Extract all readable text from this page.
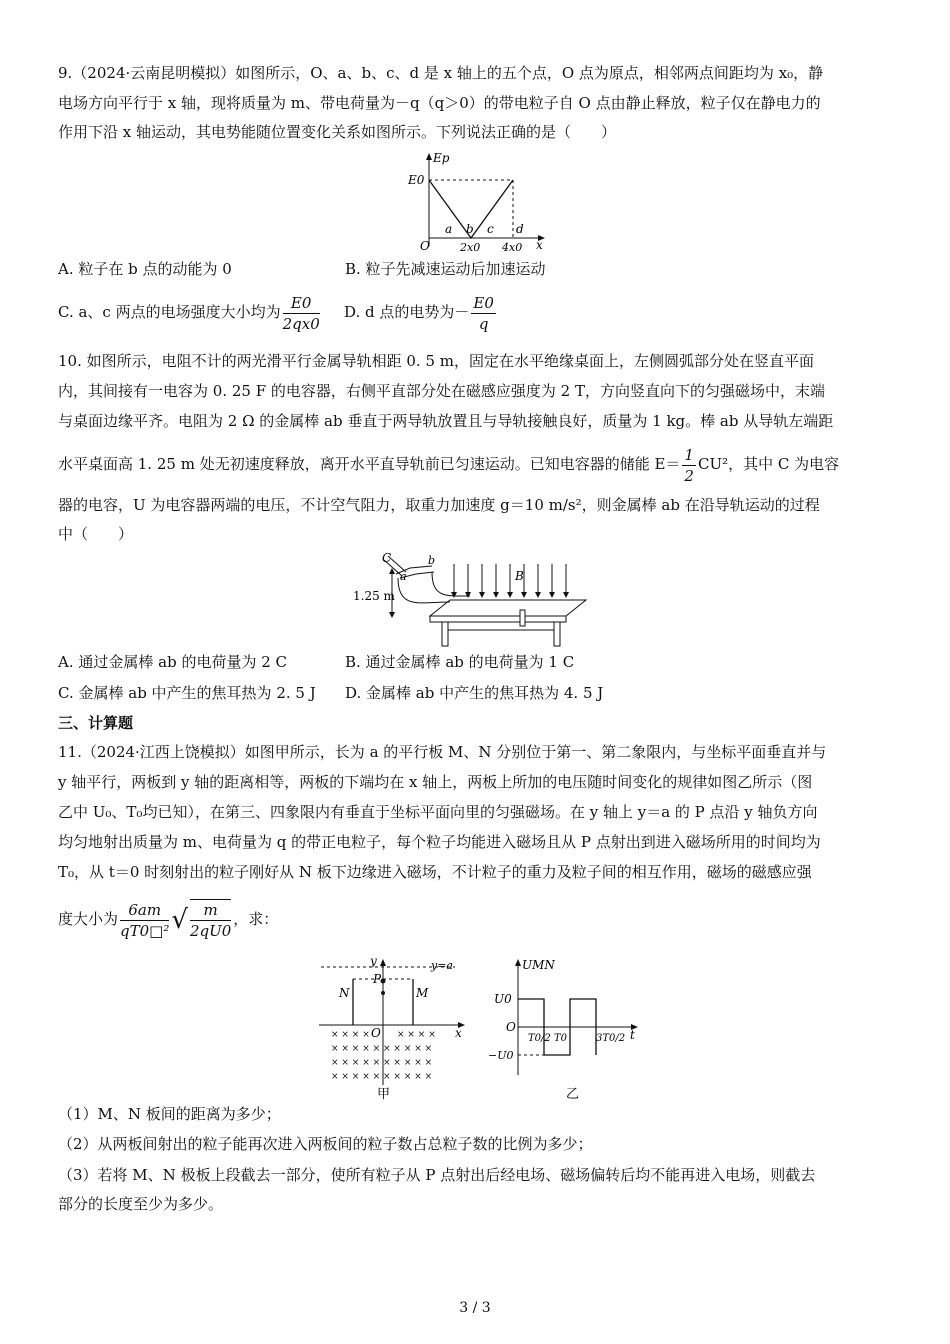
9.（2024·云南昆明模拟）如图所示，O、a、b、c、d 是 x 轴上的五个点，O 点为原点，相邻两点间距均为 x₀，静
电场方向平行于 x 轴，现将质量为 m、带电荷量为－q（q＞0）的带电粒子自 O 点由静止释放，粒子仅在静电力的
作用下沿 x 轴运动，其电势能随位置变化关系如图所示。下列说法正确的是（　　）
Ep
E0
O
a b c d
x
2x0 4x0
A. 粒子在 b 点的动能为 0	B. 粒子先减速运动后加速运动
C. a、c 两点的电场强度大小均为 $\frac{E0}{2qx0} D$. d 点的电势为－ $\frac{E0}{q}$
10. 如图所示，电阻不计的两光滑平行金属导轨相距 0. 5 m，固定在水平绝缘桌面上，左侧圆弧部分处在竖直平面
内，其间接有一电容为 0. 25 F 的电容器，右侧平直部分处在磁感应强度为 2 T，方向竖直向下的匀强磁场中，末端
与桌面边缘平齐。电阻为 2 Ω 的金属棒 ab 垂直于两导轨放置且与导轨接触良好，质量为 1 kg。棒 ab 从导轨左端距
水平桌面高 1. 25 m 处无初速度释放，离开水平直导轨前已匀速运动。已知电容器的储能 $E= \frac{1}{2} CU^2$，其中 C 为电容
器的电容，U 为电容器两端的电压，不计空气阻力，取重力加速度 g＝10 m/s²，则金属棒 ab 在沿导轨运动的过程
中（　　）
1.25 m
C
a
b
B
A. 通过金属棒 ab 的电荷量为 2 C	B. 通过金属棒 ab 的电荷量为 1 C
C. 金属棒 ab 中产生的焦耳热为 2. 5 J D. 金属棒 ab 中产生的焦耳热为 4. 5 J
三、计算题
11.（2024·江西上饶模拟）如图甲所示，长为 a 的平行板 M、N 分别位于第一、第二象限内，与坐标平面垂直并与
y 轴平行，两板到 y 轴的距离相等，两板的下端均在 x 轴上，两板上所加的电压随时间变化的规律如图乙所示（图
乙中 U₀、T₀均已知），在第三、四象限内有垂直于坐标平面向里的匀强磁场。在 y 轴上 y＝a 的 P 点沿 y 轴负方向
均匀地射出质量为 m、电荷量为 q 的带正电粒子，每个粒子均能进入磁场且从 P 点射出到进入磁场所用的时间均为
T₀，从 t＝0 时刻射出的粒子刚好从 N 板下边缘进入磁场，不计粒子的重力及粒子间的相互作用，磁场的磁感应强
度大小为 $\frac{6am}{\text{qT0□²}}$ √ $\frac{m}{2qU0}$ ，求：
y
P
y=a
N	M
O	x
× × × ×	× × × ×
× × × × × × × × × ×
× × × × × × × × × ×
× × × × × × × × × ×
甲
UMN
U0
O
−U0
t
T0/2 T0	3T0/2
乙
（1）M、N 板间的距离为多少；
（2）从两板间射出的粒子能再次进入两板间的粒子数占总粒子数的比例为多少；
（3）若将 M、N 极板上段截去一部分，使所有粒子从 P 点射出后经电场、磁场偏转后均不能再进入电场，则截去
部分的长度至少为多少。
3 / 3
